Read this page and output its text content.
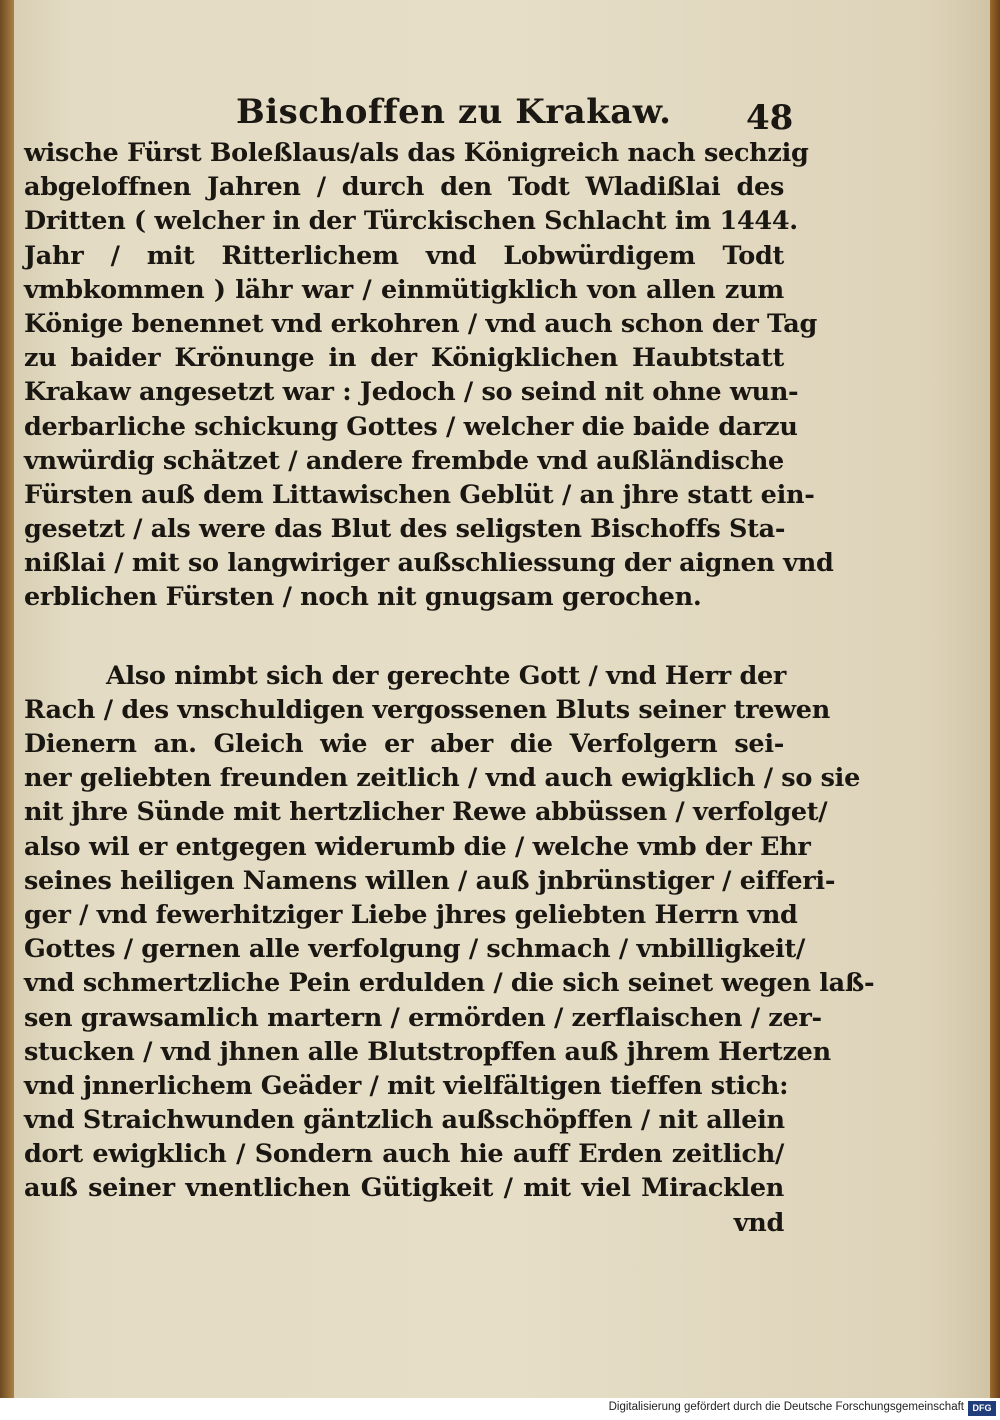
Bischoffen zu Krakaw. 48
wische Fürst Boleßlaus/als das Königreich nach sechzig
abgeloffnen Jahren / durch den Todt Wladißlai des
Dritten ( welcher in der Türckischen Schlacht im 1444.
Jahr / mit Ritterlichem vnd Lobwürdigem Todt
vmbkommen ) lähr war / einmütigklich von allen zum
Könige benennet vnd erkohren / vnd auch schon der Tag
zu baider Krönunge in der Königklichen Haubtstatt
Krakaw angesetzt war : Jedoch / so seind nit ohne wun-
derbarliche schickung Gottes / welcher die baide darzu
vnwürdig schätzet / andere frembde vnd außländische
Fürsten auß dem Littawischen Geblüt / an jhre statt ein-
gesetzt / als were das Blut des seligsten Bischoffs Sta-
nißlai / mit so langwiriger außschliessung der aignen vnd
erblichen Fürsten / noch nit gnugsam gerochen.
Also nimbt sich der gerechte Gott / vnd Herr der
Rach / des vnschuldigen vergossenen Bluts seiner trewen
Dienern an. Gleich wie er aber die Verfolgern sei-
ner geliebten freunden zeitlich / vnd auch ewigklich / so sie
nit jhre Sünde mit hertzlicher Rewe abbüssen / verfolget/
also wil er entgegen widerumb die / welche vmb der Ehr
seines heiligen Namens willen / auß jnbrünstiger / eifferi-
ger / vnd fewerhitziger Liebe jhres geliebten Herrn vnd
Gottes / gernen alle verfolgung / schmach / vnbilligkeit/
vnd schmertzliche Pein erdulden / die sich seinet wegen laß-
sen grawsamlich martern / ermörden / zerflaischen / zer-
stucken / vnd jhnen alle Blutstropffen auß jhrem Hertzen
vnd jnnerlichem Geäder / mit vielfältigen tieffen stich:
vnd Straichwunden gäntzlich außschöpffen / nit allein
dort ewigklich / Sondern auch hie auff Erden zeitlich/
auß seiner vnentlichen Gütigkeit / mit viel Miracklen
vnd
Digitalisierung gefördert durch die Deutsche Forschungsgemeinschaft DFG
